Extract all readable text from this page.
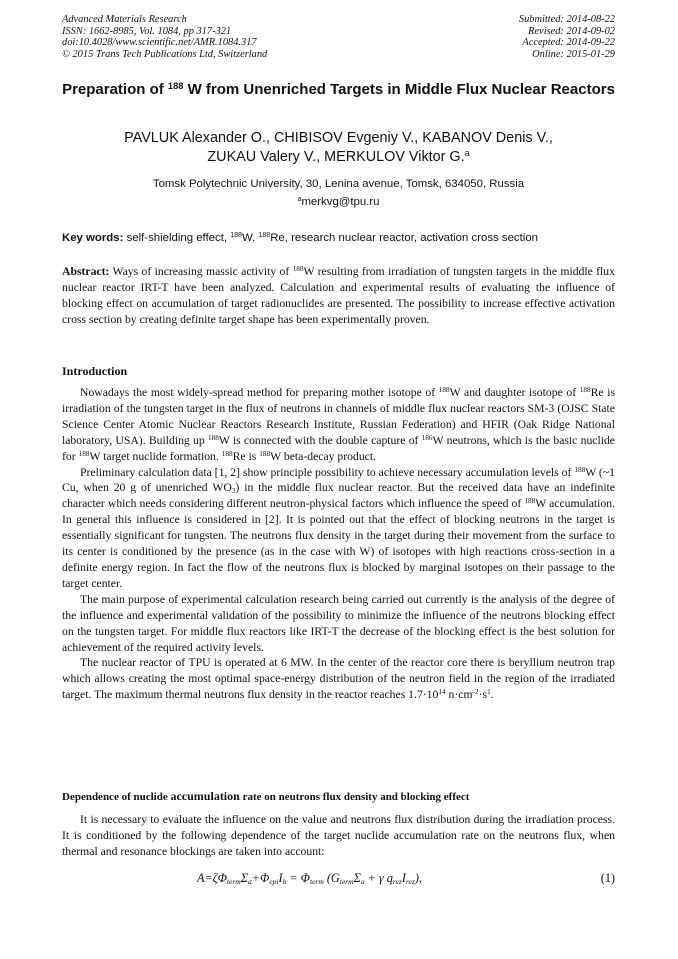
Advanced Materials Research
ISSN: 1662-8985, Vol. 1084, pp 317-321
doi:10.4028/www.scientific.net/AMR.1084.317
© 2015 Trans Tech Publications Ltd, Switzerland
Submitted: 2014-08-22
Revised: 2014-09-02
Accepted: 2014-09-22
Online: 2015-01-29
Preparation of $^{188}$ W from Unenriched Targets in Middle Flux Nuclear Reactors
PAVLUK Alexander O., CHIBISOV Evgeniy V., KABANOV Denis V.,
ZUKAU Valery V., MERKULOV Viktor G.$^a$
Tomsk Polytechnic University, 30, Lenina avenue, Tomsk, 634050, Russia
$^a$merkvg@tpu.ru
Key words: self-shielding effect, $^{188}$W, $^{188}$Re, research nuclear reactor, activation cross section
Abstract: Ways of increasing massic activity of $^{188}$W resulting from irradiation of tungsten targets in the middle flux nuclear reactor IRT-T have been analyzed. Calculation and experimental results of evaluating the influence of blocking effect on accumulation of target radionuclides are presented. The possibility to increase effective activation cross section by creating definite target shape has been experimentally proven.
Introduction

Nowadays the most widely-spread method for preparing mother isotope of $^{188}$W and daughter isotope of $^{188}$Re is irradiation of the tungsten target in the flux of neutrons in channels of middle flux nuclear reactors SM-3 (OJSC State Science Center Atomic Nuclear Reactors Research Institute, Russian Federation) and HFIR (Oak Ridge National laboratory, USA). Building up $^{188}$W is connected with the double capture of $^{186}$W neutrons, which is the basic nuclide for $^{188}$W target nuclide formation. $^{188}$Re is $^{188}$W beta-decay product.

Preliminary calculation data [1, 2] show principle possibility to achieve necessary accumulation levels of $^{188}$W (~1 Cu, when 20 g of unenriched $WO_3$) in the middle flux nuclear reactor. But the received data have an indefinite character which needs considering different neutron-physical factors which influence the speed of $^{188}$W accumulation. In general this influence is considered in [2]. It is pointed out that the effect of blocking neutrons in the target is essentially significant for tungsten. The neutrons flux density in the target during their movement from the surface to its center is conditioned by the presence (as in the case with W) of isotopes with high reactions cross-section in a definite energy region. In fact the flow of the neutrons flux is blocked by marginal isotopes on their passage to the target center.

The main purpose of experimental calculation research being carried out currently is the analysis of the degree of the influence and experimental validation of the possibility to minimize the influence of the neutrons blocking effect on the tungsten target. For middle flux reactors like IRT-T the decrease of the blocking effect is the best solution for achievement of the required activity levels.

The nuclear reactor of TPU is operated at 6 MW. In the center of the reactor core there is beryllium neutron trap which allows creating the most optimal space-energy distribution of the neutron field in the region of the irradiated target. The maximum thermal neutrons flux density in the reactor reaches $1.7\cdot 10^{14}$ $n\cdot cm^{-2}\cdot s^1$.

Dependence of nuclide accumulation rate on neutrons flux density and blocking effect

It is necessary to evaluate the influence on the value and neutrons flux distribution during the irradiation process. It is conditioned by the following dependence of the target nuclide accumulation rate on the neutrons flux, when thermal and resonance blockings are taken into account:

$A=\zeta\Phi_{term}\Sigma_a+\Phi_{epi}I_b = \Phi_{term}$ ($G_{term}\Sigma_a + \gamma$ $q_{rez}I_{rez}$),	(1)
